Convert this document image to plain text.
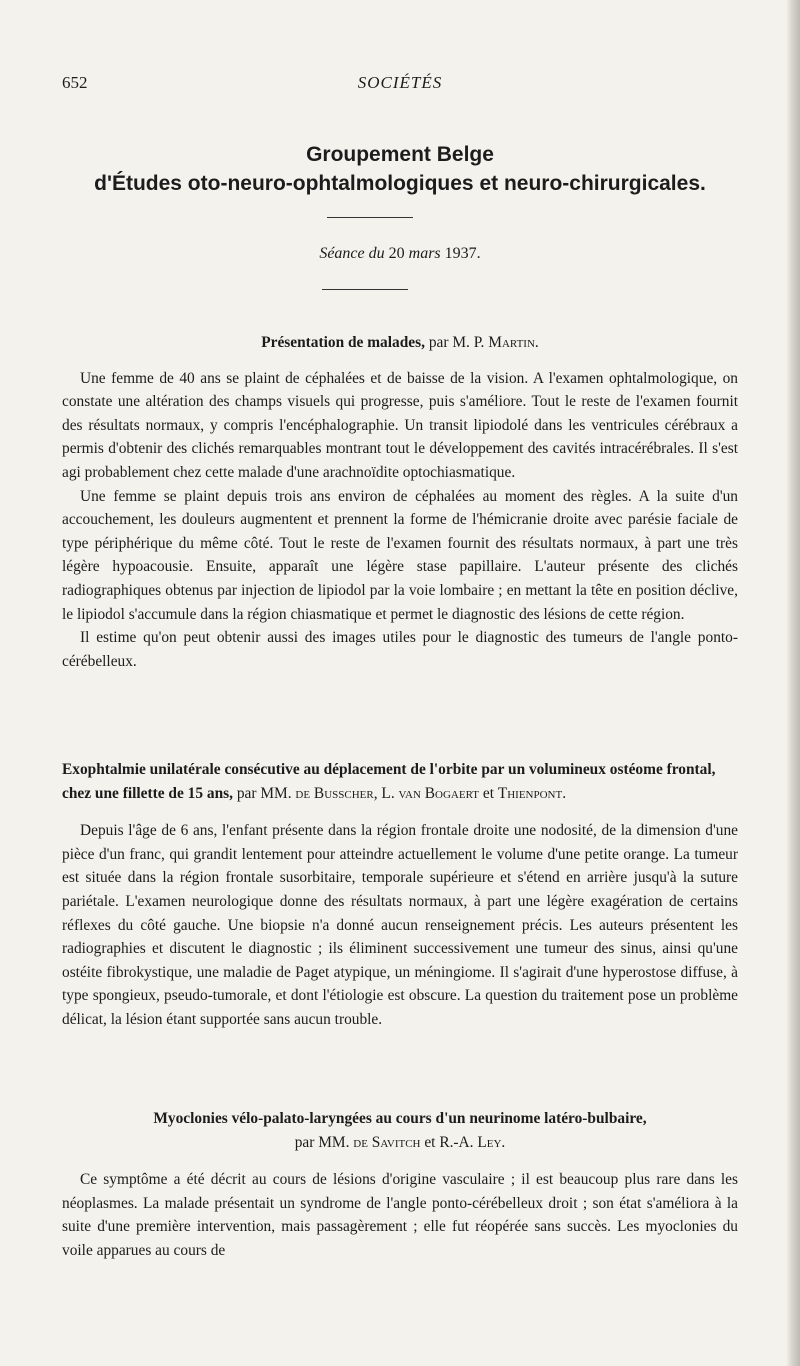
652	SOCIÉTÉS
Groupement Belge
d'Études oto-neuro-ophtalmologiques et neuro-chirurgicales.
Séance du 20 mars 1937.

Présentation de malades, par M. P. Martin.

Une femme de 40 ans se plaint de céphalées et de baisse de la vision. A l'examen ophtalmologique, on constate une altération des champs visuels qui progresse, puis s'améliore. Tout le reste de l'examen fournit des résultats normaux, y compris l'encéphalographie. Un transit lipiodolé dans les ventricules cérébraux a permis d'obtenir des clichés remarquables montrant tout le développement des cavités intracérébrales. Il s'est agi probablement chez cette malade d'une arachnoïdite optochiasmatique.

Une femme se plaint depuis trois ans environ de céphalées au moment des règles. A la suite d'un accouchement, les douleurs augmentent et prennent la forme de l'hémicranie droite avec parésie faciale de type périphérique du même côté. Tout le reste de l'examen fournit des résultats normaux, à part une très légère hypoacousie. Ensuite, apparaît une légère stase papillaire. L'auteur présente des clichés radiographiques obtenus par injection de lipiodol par la voie lombaire ; en mettant la tête en position déclive, le lipiodol s'accumule dans la région chiasmatique et permet le diagnostic des lésions de cette région.

Il estime qu'on peut obtenir aussi des images utiles pour le diagnostic des tumeurs de l'angle ponto-cérébelleux.

Exophtalmie unilatérale consécutive au déplacement de l'orbite par un volumineux ostéome frontal, chez une fillette de 15 ans, par MM. de Busscher, L. van Bogaert et Thienpont.

Depuis l'âge de 6 ans, l'enfant présente dans la région frontale droite une nodosité, de la dimension d'une pièce d'un franc, qui grandit lentement pour atteindre actuellement le volume d'une petite orange. La tumeur est située dans la région frontale susorbitaire, temporale supérieure et s'étend en arrière jusqu'à la suture pariétale. L'examen neurologique donne des résultats normaux, à part une légère exagération de certains réflexes du côté gauche. Une biopsie n'a donné aucun renseignement précis. Les auteurs présentent les radiographies et discutent le diagnostic ; ils éliminent successivement une tumeur des sinus, ainsi qu'une ostéite fibrokystique, une maladie de Paget atypique, un méningiome. Il s'agirait d'une hyperostose diffuse, à type spongieux, pseudo-tumorale, et dont l'étiologie est obscure. La question du traitement pose un problème délicat, la lésion étant supportée sans aucun trouble.

Myoclonies vélo-palato-laryngées au cours d'un neurinome latéro-bulbaire,
par MM. de Savitch et R.-A. Ley.

Ce symptôme a été décrit au cours de lésions d'origine vasculaire ; il est beaucoup plus rare dans les néoplasmes. La malade présentait un syndrome de l'angle ponto-cérébelleux droit ; son état s'améliora à la suite d'une première intervention, mais passagèrement ; elle fut réopérée sans succès. Les myoclonies du voile apparues au cours de
